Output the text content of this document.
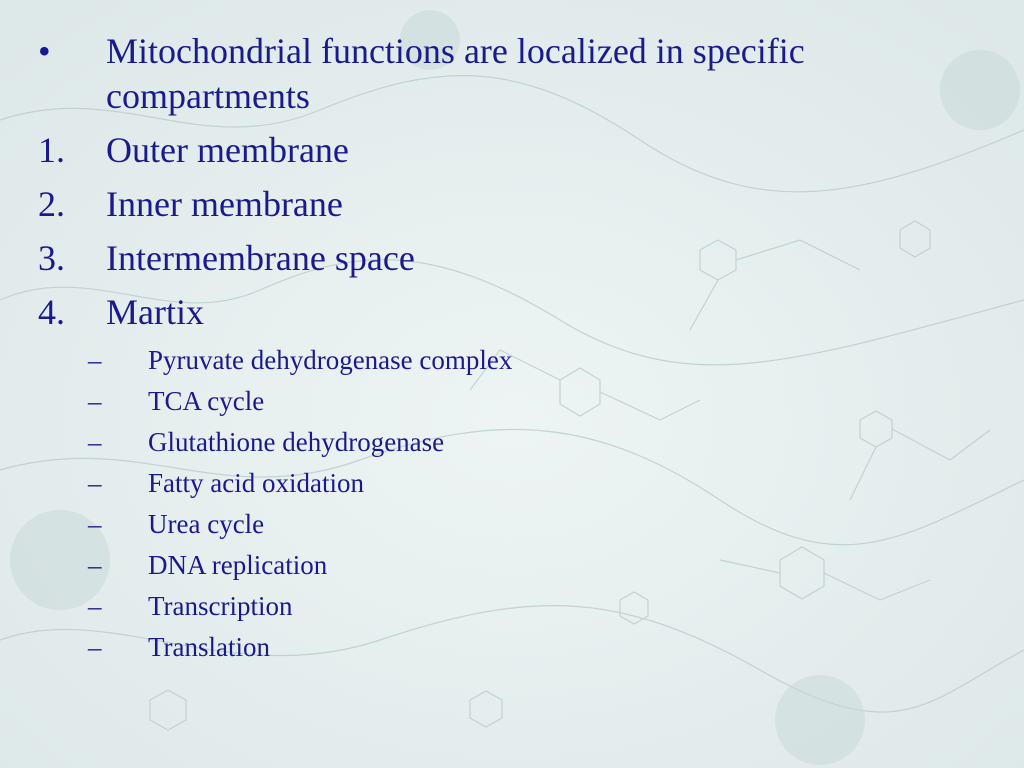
• Mitochondrial functions are localized in specific
compartments
1. Outer membrane
2. Inner membrane
3. Intermembrane space
4. Martix
– Pyruvate dehydrogenase complex
– TCA cycle
– Glutathione dehydrogenase
– Fatty acid oxidation
– Urea cycle
– DNA replication
– Transcription
– Translation
